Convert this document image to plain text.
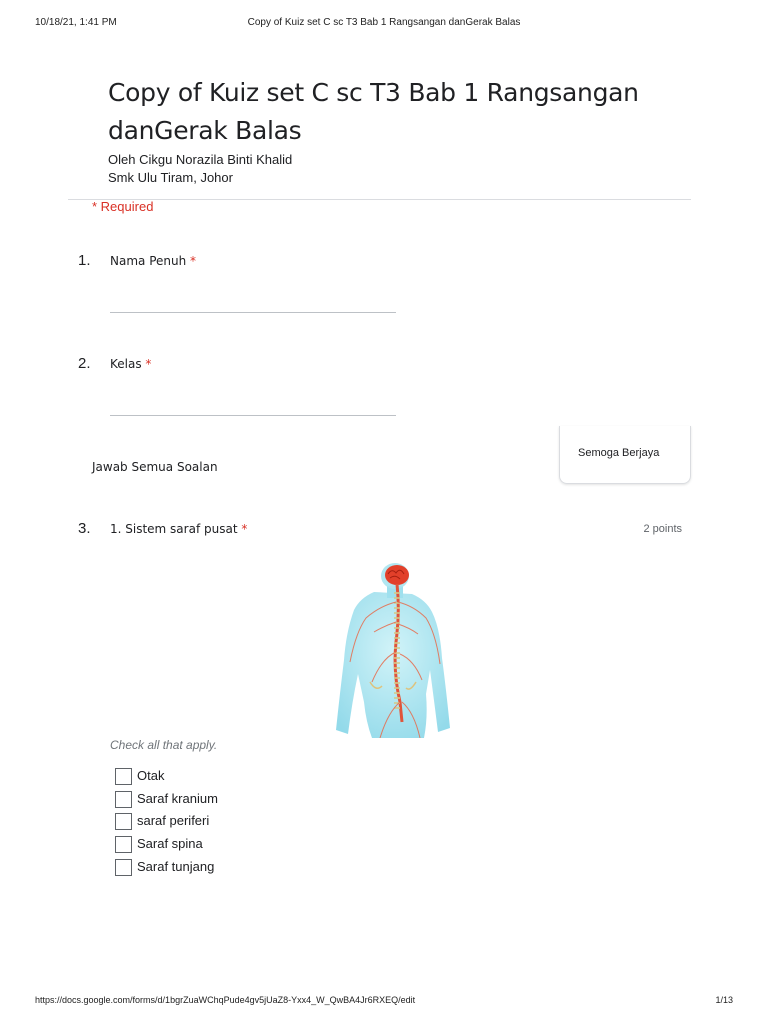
10/18/21, 1:41 PM	Copy of Kuiz set C sc T3 Bab 1 Rangsangan danGerak Balas
Copy of Kuiz set C sc T3 Bab 1 Rangsangan danGerak Balas
Oleh Cikgu Norazila Binti Khalid
Smk Ulu Tiram, Johor
* Required
1. Nama Penuh *
2. Kelas *
Jawab Semua Soalan
Semoga Berjaya
3. 1. Sistem saraf pusat *	2 points
Check all that apply.
Otak
Saraf kranium
saraf periferi
Saraf spina
Saraf tunjang
https://docs.google.com/forms/d/1bgrZuaWChqPude4gv5jUaZ8-Yxx4_W_QwBA4Jr6RXEQ/edit	1/13
